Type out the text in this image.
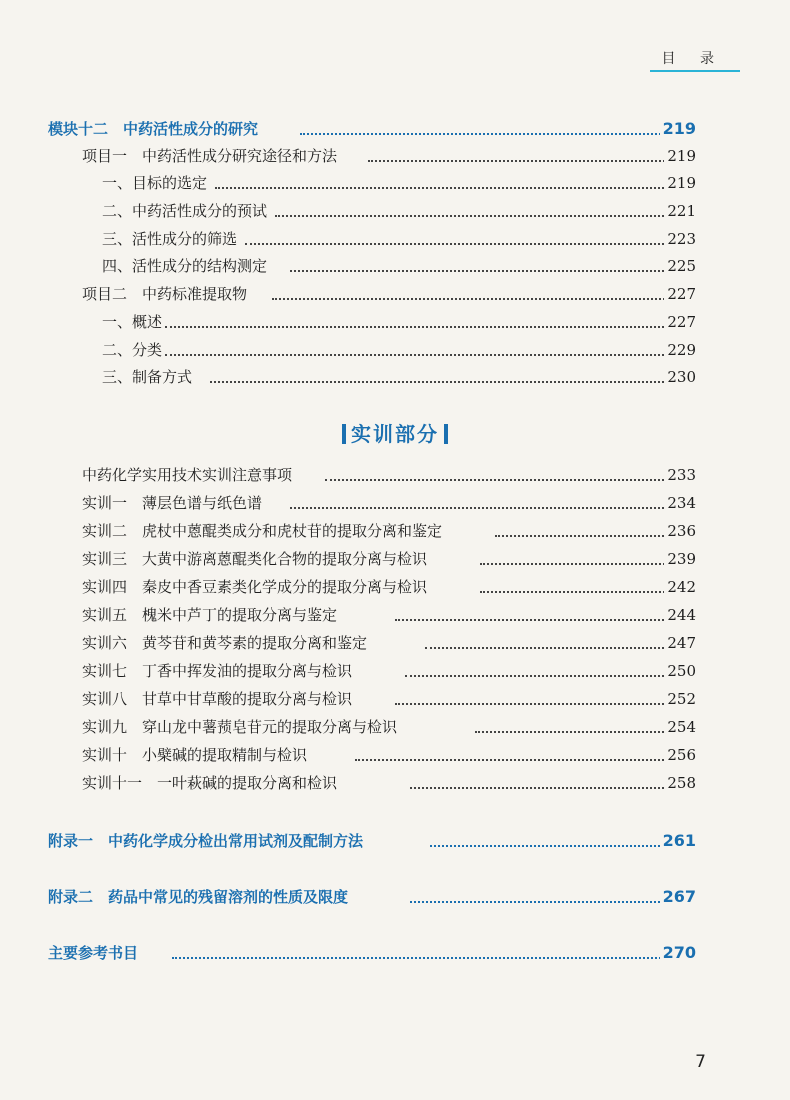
目 录
模块十二　中药活性成分的研究	219
项目一　中药活性成分研究途径和方法	219
一、目标的选定	219
二、中药活性成分的预试	221
三、活性成分的筛选	223
四、活性成分的结构测定	225
项目二　中药标准提取物	227
一、概述	227
二、分类	229
三、制备方式	230
实训部分
中药化学实用技术实训注意事项	233
实训一　薄层色谱与纸色谱	234
实训二　虎杖中蒽醌类成分和虎杖苷的提取分离和鉴定	236
实训三　大黄中游离蒽醌类化合物的提取分离与检识	239
实训四　秦皮中香豆素类化学成分的提取分离与检识	242
实训五　槐米中芦丁的提取分离与鉴定	244
实训六　黄芩苷和黄芩素的提取分离和鉴定	247
实训七　丁香中挥发油的提取分离与检识	250
实训八　甘草中甘草酸的提取分离与检识	252
实训九　穿山龙中薯蓣皂苷元的提取分离与检识	254
实训十　小檗碱的提取精制与检识	256
实训十一　一叶萩碱的提取分离和检识	258
附录一　中药化学成分检出常用试剂及配制方法	261
附录二　药品中常见的残留溶剂的性质及限度	267
主要参考书目	270
7
